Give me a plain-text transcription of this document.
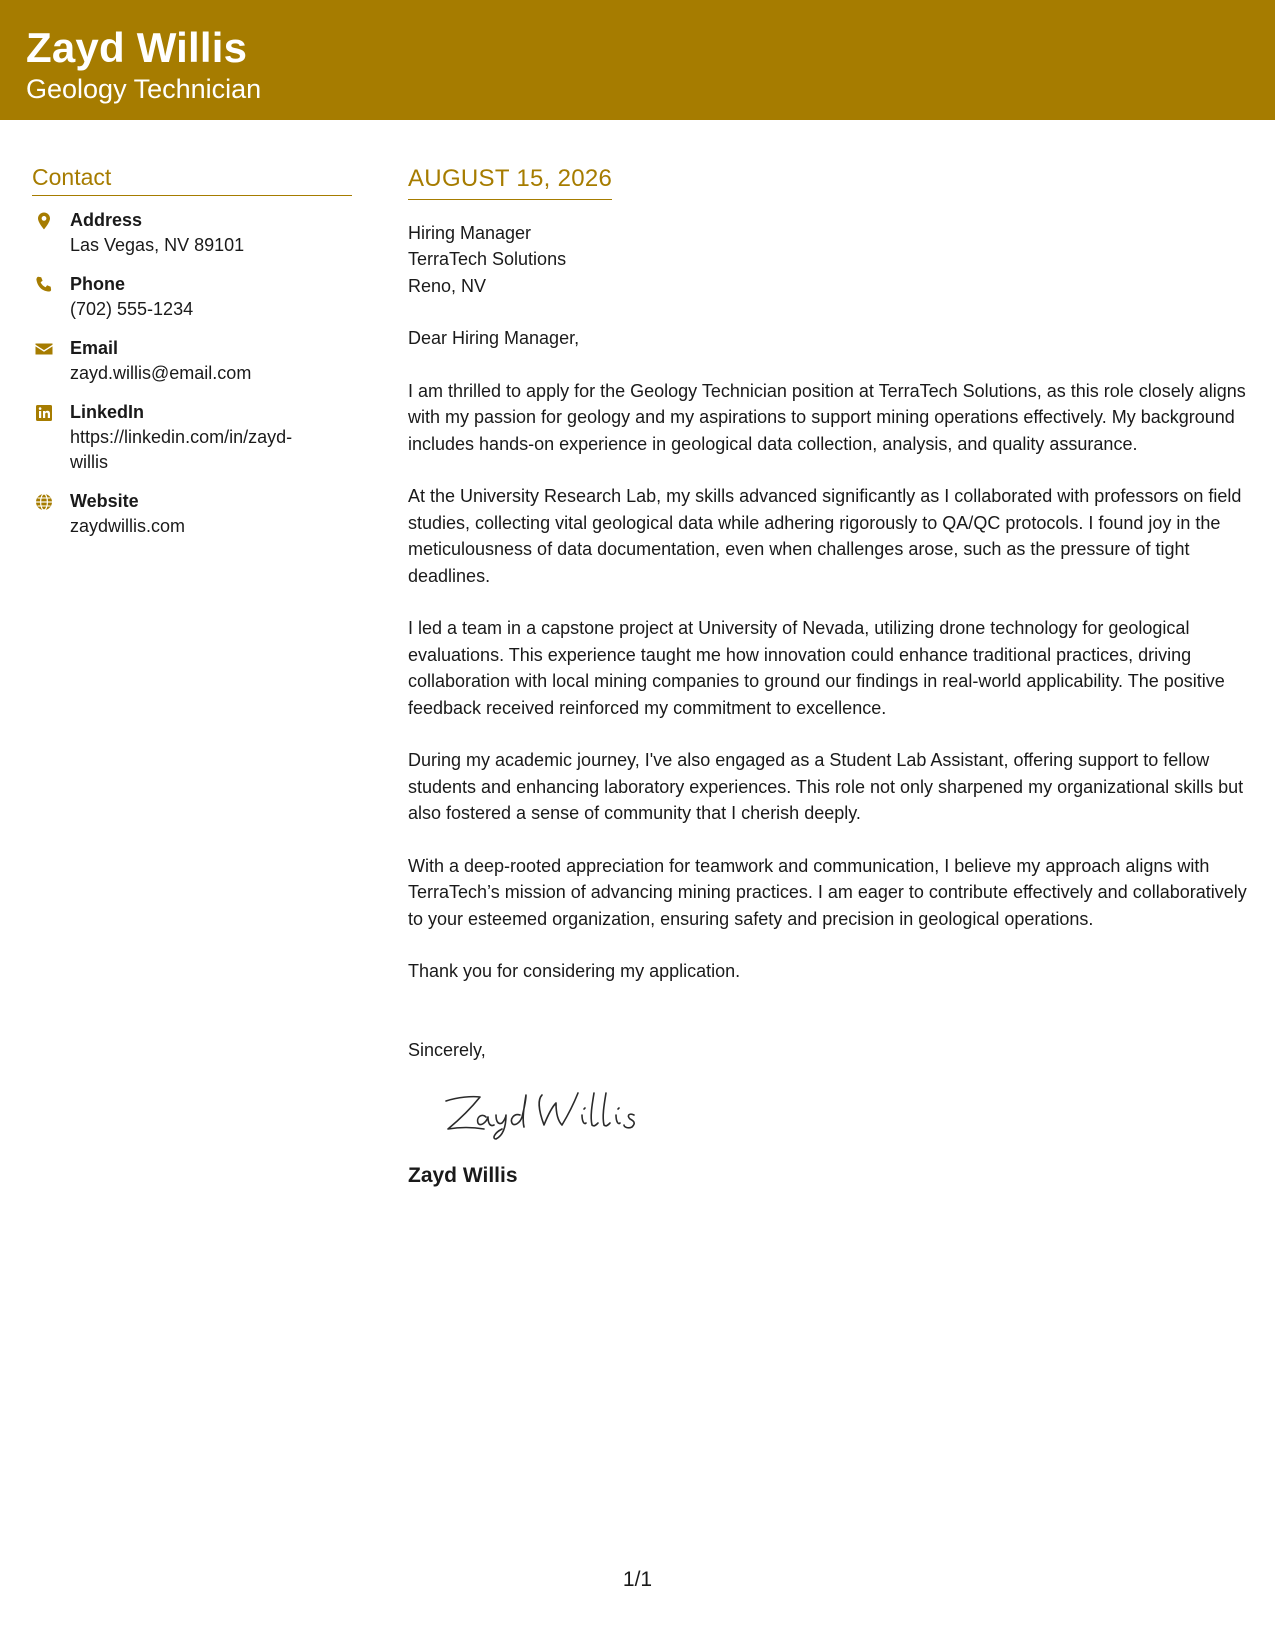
Zayd Willis
Geology Technician
Contact
Address
Las Vegas, NV 89101
Phone
(702) 555-1234
Email
zayd.willis@email.com
LinkedIn
https://linkedin.com/in/zayd-willis
Website
zaydwillis.com
AUGUST 15, 2026
Hiring Manager
TerraTech Solutions
Reno, NV
Dear Hiring Manager,
I am thrilled to apply for the Geology Technician position at TerraTech Solutions, as this role closely aligns with my passion for geology and my aspirations to support mining operations effectively. My background includes hands-on experience in geological data collection, analysis, and quality assurance.
At the University Research Lab, my skills advanced significantly as I collaborated with professors on field studies, collecting vital geological data while adhering rigorously to QA/QC protocols. I found joy in the meticulousness of data documentation, even when challenges arose, such as the pressure of tight deadlines.
I led a team in a capstone project at University of Nevada, utilizing drone technology for geological evaluations. This experience taught me how innovation could enhance traditional practices, driving collaboration with local mining companies to ground our findings in real-world applicability. The positive feedback received reinforced my commitment to excellence.
During my academic journey, I've also engaged as a Student Lab Assistant, offering support to fellow students and enhancing laboratory experiences. This role not only sharpened my organizational skills but also fostered a sense of community that I cherish deeply.
With a deep-rooted appreciation for teamwork and communication, I believe my approach aligns with TerraTech’s mission of advancing mining practices. I am eager to contribute effectively and collaboratively to your esteemed organization, ensuring safety and precision in geological operations.
Thank you for considering my application.
Sincerely,
Zayd Willis
1/1
